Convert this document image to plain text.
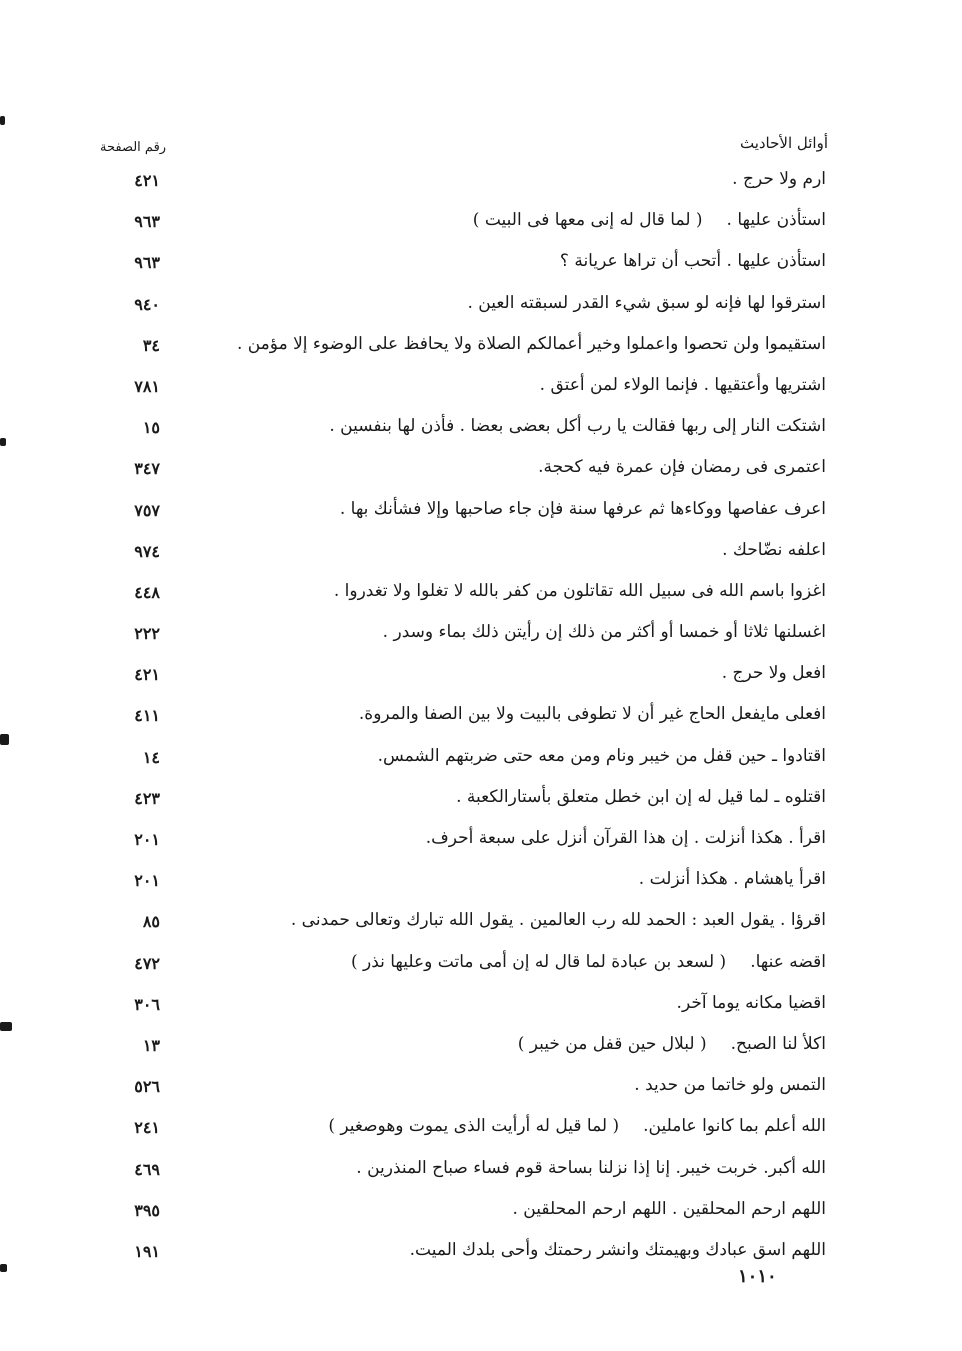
أوائل الأحاديث
رقم الصفحة
ارم ولا حرج .
٤٢١
استأذن عليها .( لما قال له إنى معها فى البيت )
٩٦٣
استأذن عليها . أتحب أن تراها عريانة ؟
٩٦٣
استرقوا لها فإنه لو سبق شيء القدر لسبقته العين .
٩٤٠
استقيموا ولن تحصوا واعملوا وخير أعمالكم الصلاة ولا يحافظ على الوضوء إلا مؤمن .
٣٤
اشتريها وأعتقيها . فإنما الولاء لمن أعتق .
٧٨١
اشتكت النار إلى ربها فقالت يا رب أكل بعضى بعضا . فأذن لها بنفسين .
١٥
اعتمرى فى رمضان فإن عمرة فيه كحجة.
٣٤٧
اعرف عفاصها ووكاءها ثم عرفها سنة فإن جاء صاحبها وإلا فشأنك بها .
٧٥٧
اعلفه نضّاحك .
٩٧٤
اغزوا باسم الله فى سبيل الله تقاتلون من كفر بالله لا تغلوا ولا تغدروا .
٤٤٨
اغسلنها ثلاثا أو خمسا أو أكثر من ذلك إن رأيتن ذلك بماء وسدر .
٢٢٢
افعل ولا حرج .
٤٢١
افعلى مايفعل الحاج غير أن لا تطوفى بالبيت ولا بين الصفا والمروة.
٤١١
اقتادوا ـ حين قفل من خيبر ونام ومن معه حتى ضربتهم الشمس.
١٤
اقتلوه ـ لما قيل له إن ابن خطل متعلق بأستارالكعبة .
٤٢٣
اقرأ . هكذا أنزلت . إن هذا القرآن أنزل على سبعة أحرف.
٢٠١
اقرأ ياهشام . هكذا أنزلت .
٢٠١
اقرؤا . يقول العبد : الحمد لله رب العالمين . يقول الله تبارك وتعالى حمدنى .
٨٥
اقضه عنها.( لسعد بن عبادة لما قال له إن أمى ماتت وعليها نذر )
٤٧٢
اقضيا مكانه يوما آخر.
٣٠٦
اكلأ لنا الصبح.( لبلال حين قفل من خيبر )
١٣
التمس ولو خاتما من حديد .
٥٢٦
الله أعلم بما كانوا عاملين.( لما قيل له أرأيت الذى يموت وهوصغير )
٢٤١
الله أكبر. خربت خيبر. إنا إذا نزلنا بساحة قوم فساء صباح المنذرين .
٤٦٩
اللهم ارحم المحلقين . اللهم ارحم المحلقين .
٣٩٥
اللهم اسق عبادك وبهيمتك وانشر رحمتك وأحى بلدك الميت.
١٩١
١٠١٠
